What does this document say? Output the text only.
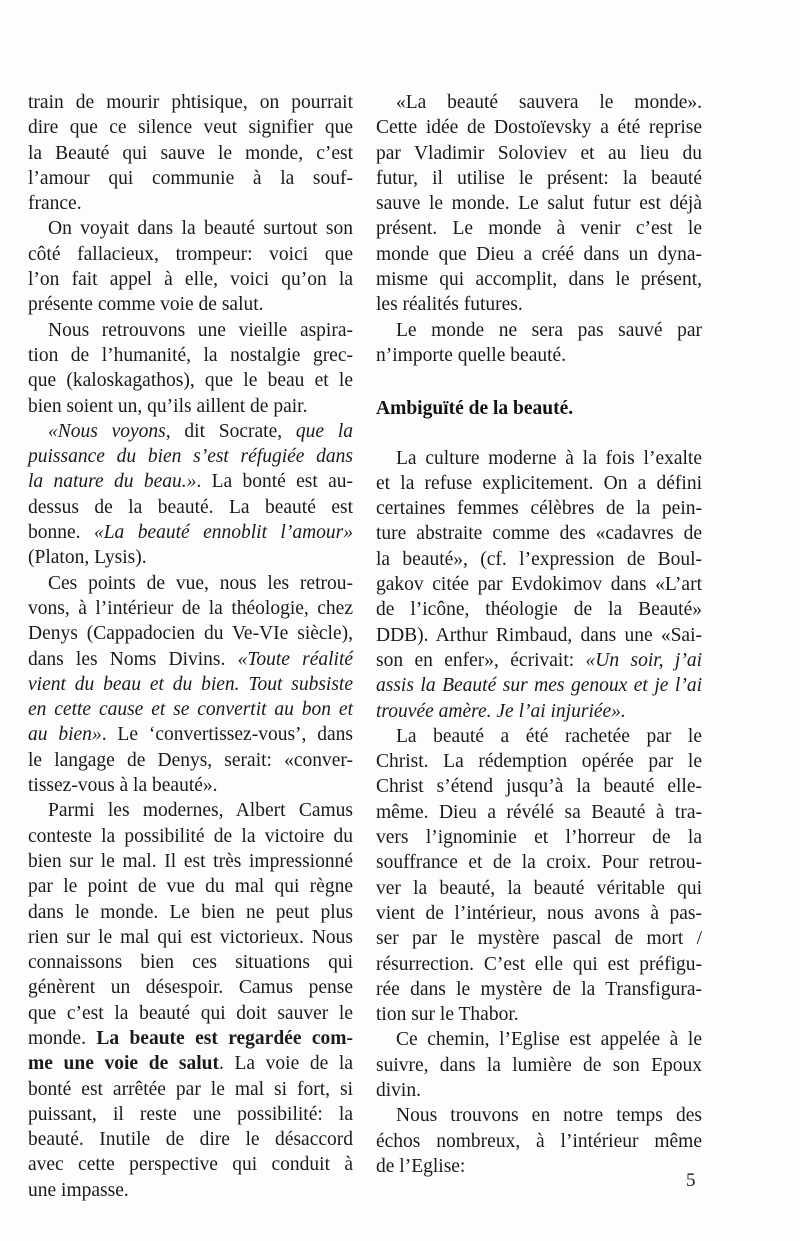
train de mourir phtisique, on pourrait
dire que ce silence veut signifier que
la Beauté qui sauve le monde, c’est
l’amour qui communie à la souf-
france.
On voyait dans la beauté surtout son
côté fallacieux, trompeur: voici que
l’on fait appel à elle, voici qu’on la
présente comme voie de salut.
Nous retrouvons une vieille aspira-
tion de l’humanité, la nostalgie grec-
que (kaloskagathos), que le beau et le
bien soient un, qu’ils aillent de pair.
«Nous voyons, dit Socrate, que la
puissance du bien s’est réfugiée dans
la nature du beau.». La bonté est au-
dessus de la beauté. La beauté est
bonne. «La beauté ennoblit l’amour»
(Platon, Lysis).
Ces points de vue, nous les retrou-
vons, à l’intérieur de la théologie, chez
Denys (Cappadocien du Ve-VIe siècle),
dans les Noms Divins. «Toute réalité
vient du beau et du bien. Tout subsiste
en cette cause et se convertit au bon et
au bien». Le ‘convertissez-vous’, dans
le langage de Denys, serait: «conver-
tissez-vous à la beauté».
Parmi les modernes, Albert Camus
conteste la possibilité de la victoire du
bien sur le mal. Il est très impressionné
par le point de vue du mal qui règne
dans le monde. Le bien ne peut plus
rien sur le mal qui est victorieux. Nous
connaissons bien ces situations qui
génèrent un désespoir. Camus pense
que c’est la beauté qui doit sauver le
monde. La beaute est regardée com-
me une voie de salut. La voie de la
bonté est arrêtée par le mal si fort, si
puissant, il reste une possibilité: la
beauté. Inutile de dire le désaccord
avec cette perspective qui conduit à
une impasse.
«La beauté sauvera le monde».
Cette idée de Dostoïevsky a été reprise
par Vladimir Soloviev et au lieu du
futur, il utilise le présent: la beauté
sauve le monde. Le salut futur est déjà
présent. Le monde à venir c’est le
monde que Dieu a créé dans un dyna-
misme qui accomplit, dans le présent,
les réalités futures.
Le monde ne sera pas sauvé par
n’importe quelle beauté.
Ambiguïté de la beauté.
La culture moderne à la fois l’exalte
et la refuse explicitement. On a défini
certaines femmes célèbres de la pein-
ture abstraite comme des «cadavres de
la beauté», (cf. l’expression de Boul-
gakov citée par Evdokimov dans «L’art
de l’icône, théologie de la Beauté»
DDB). Arthur Rimbaud, dans une «Sai-
son en enfer», écrivait: «Un soir, j’ai
assis la Beauté sur mes genoux et je l’ai
trouvée amère. Je l’ai injuriée».
La beauté a été rachetée par le
Christ. La rédemption opérée par le
Christ s’étend jusqu’à la beauté elle-
même. Dieu a révélé sa Beauté à tra-
vers l’ignominie et l’horreur de la
souffrance et de la croix. Pour retrou-
ver la beauté, la beauté véritable qui
vient de l’intérieur, nous avons à pas-
ser par le mystère pascal de mort /
résurrection. C’est elle qui est préfigu-
rée dans le mystère de la Transfigura-
tion sur le Thabor.
Ce chemin, l’Eglise est appelée à le
suivre, dans la lumière de son Epoux
divin.
Nous trouvons en notre temps des
échos nombreux, à l’intérieur même
de l’Eglise:
5
